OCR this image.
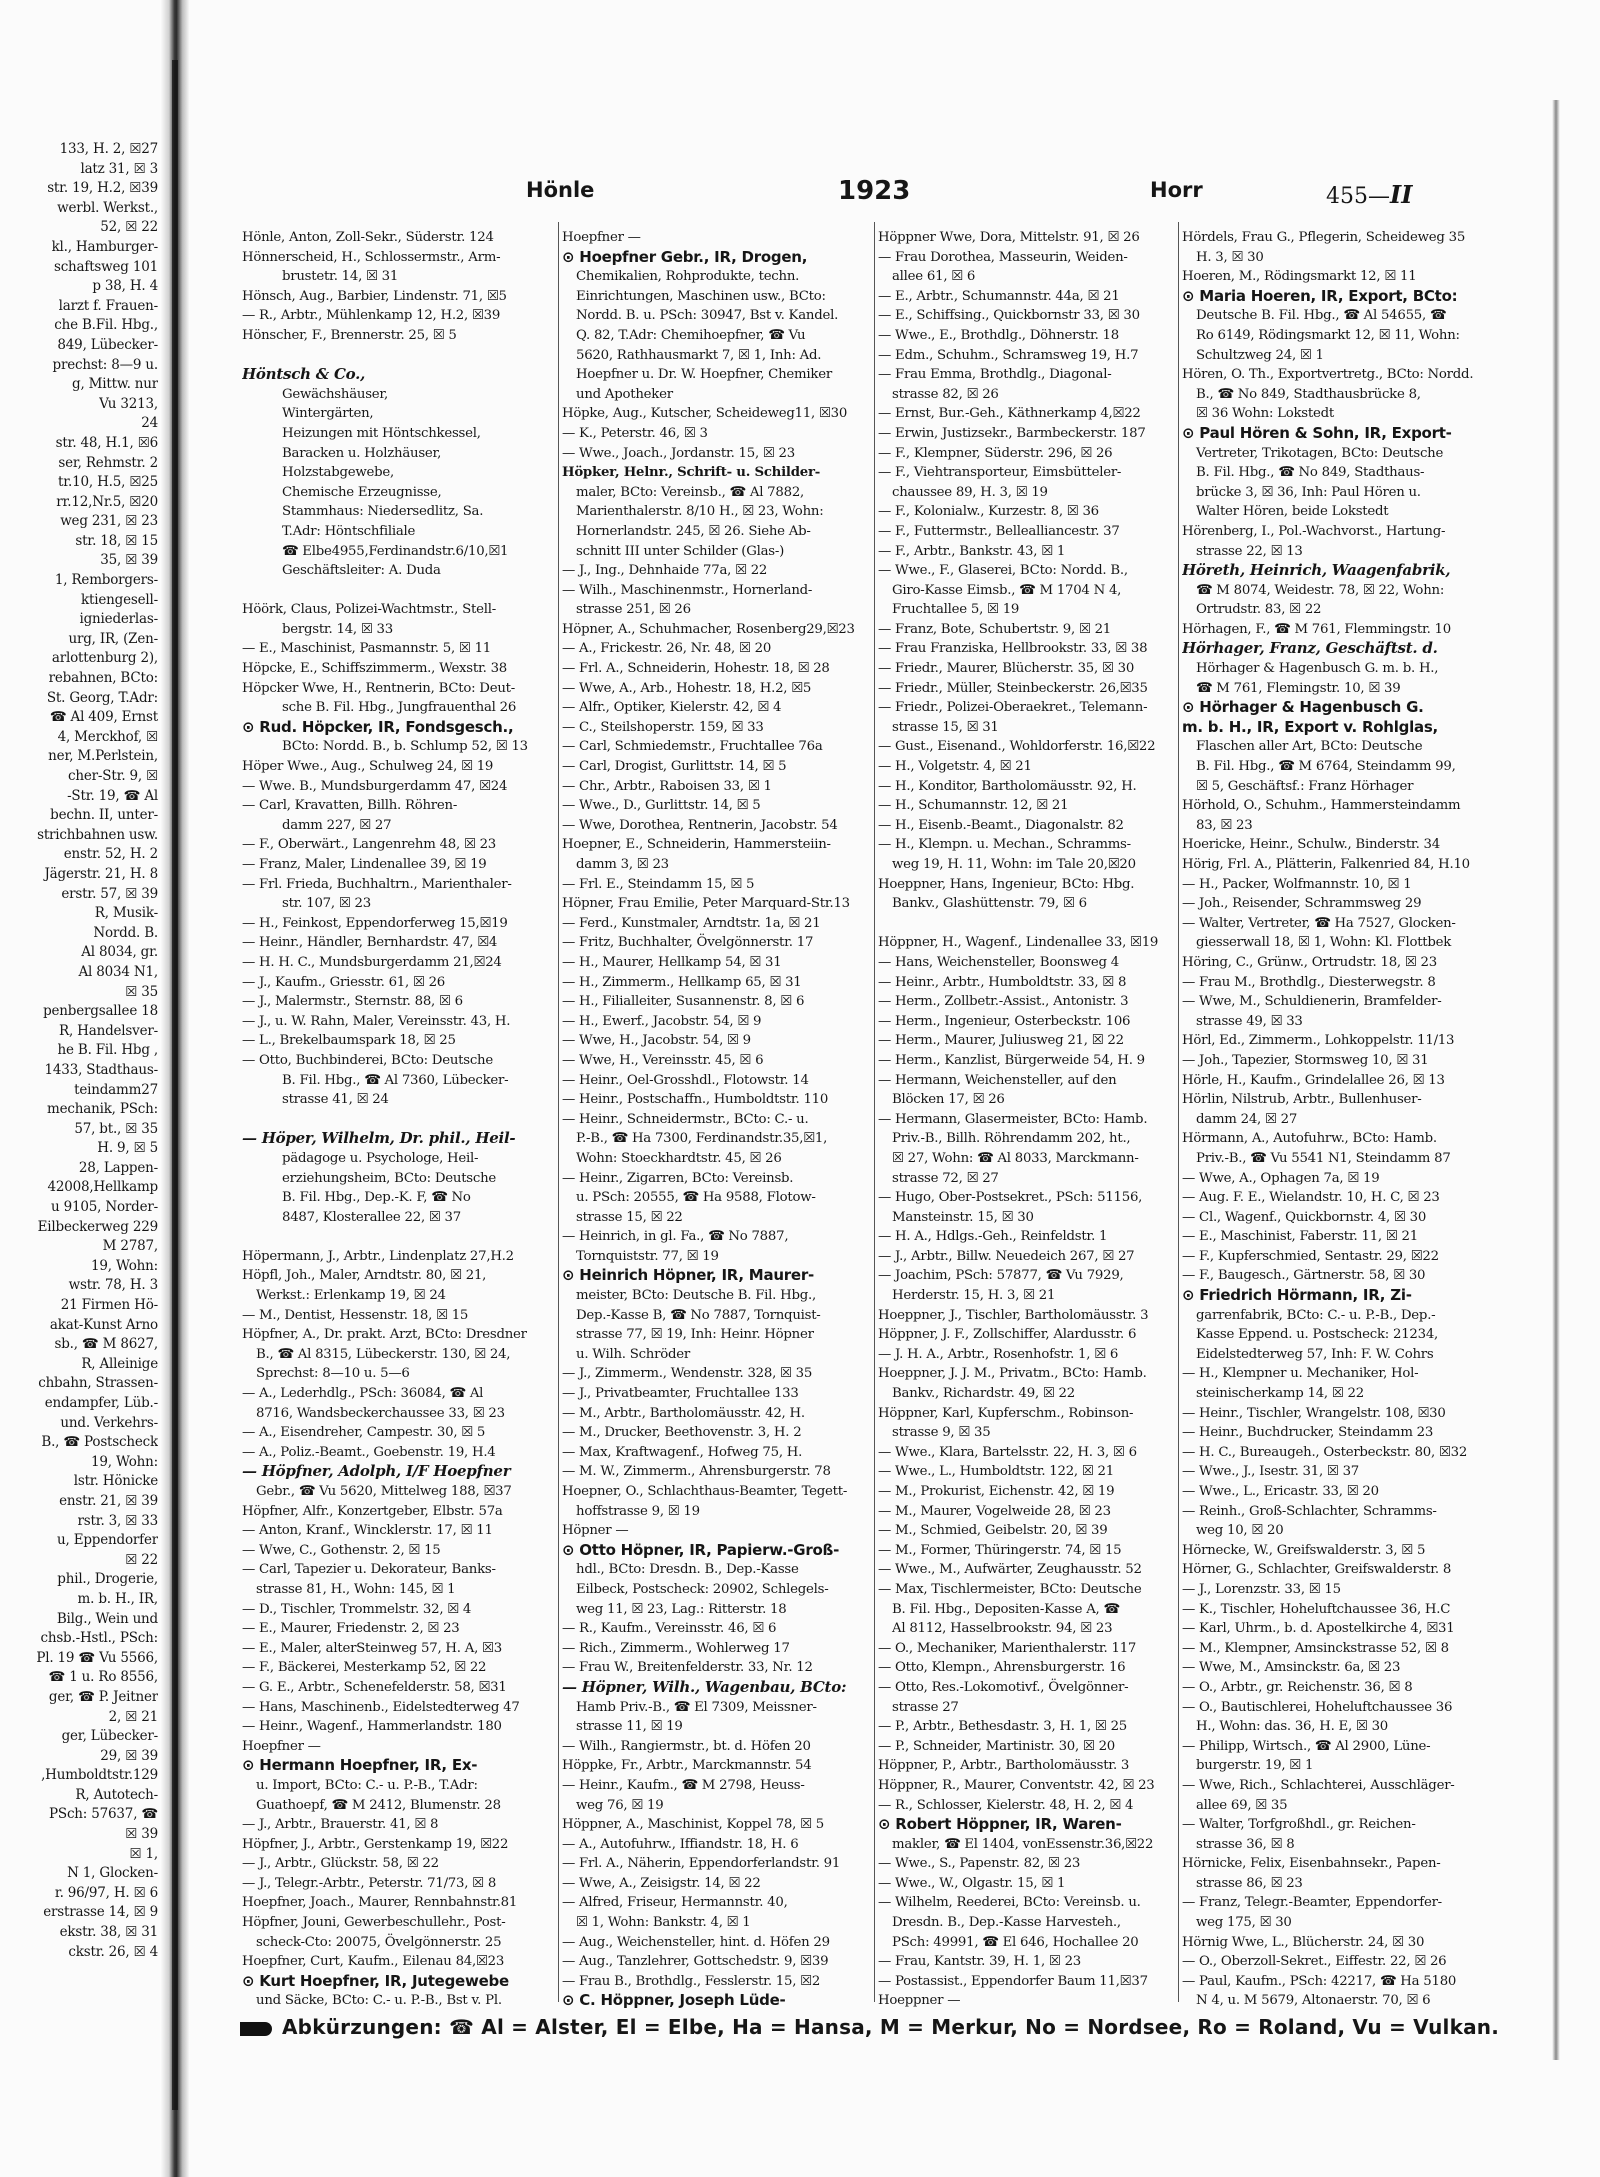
133, H. 2, ☒27
latz 31, ☒ 3
str. 19, H.2, ☒39
werbl. Werkst.,
52, ☒ 22
kl., Hamburger-
schaftsweg 101
p 38, H. 4
larzt f. Frauen-
che B.Fil. Hbg.,
849, Lübecker-
prechst: 8—9 u.
g, Mittw. nur
Vu 3213,
24
str. 48, H.1, ☒6
ser, Rehmstr. 2
tr.10, H.5, ☒25
rr.12,Nr.5, ☒20
weg 231, ☒ 23
str. 18, ☒ 15
35, ☒ 39
1, Remborgers-
ktiengesell-
igniederlas-
urg, IR, (Zen-
arlottenburg 2),
rebahnen, BCto:
St. Georg, T.Adr:
☎ Al 409, Ernst
4, Merckhof, ☒
ner, M.Perlstein,
cher-Str. 9, ☒
-Str. 19, ☎ Al
bechn. II, unter-
strichbahnen usw.
enstr. 52, H. 2
Jägerstr. 21, H. 8
erstr. 57, ☒ 39
R, Musik-
Nordd. B.
Al 8034, gr.
Al 8034 N1,
☒ 35
penbergsallee 18
R, Handelsver-
he B. Fil. Hbg ,
1433, Stadthaus-
teindamm27
mechanik, PSch:
57, bt., ☒ 35
H. 9, ☒ 5
28, Lappen-
42008,Hellkamp
u 9105, Norder-
Eilbeckerweg 229
M 2787,
19, Wohn:
wstr. 78, H. 3
21 Firmen Hö-
akat-Kunst Arno
sb., ☎ M 8627,
R, Alleinige
chbahn, Strassen-
endampfer, Lüb.-
und. Verkehrs-
B., ☎ Postscheck
19, Wohn:
lstr. Hönicke
enstr. 21, ☒ 39
rstr. 3, ☒ 33
u, Eppendorfer
☒ 22
phil., Drogerie,
m. b. H., IR,
Bilg., Wein und
chsb.-Hstl., PSch:
Pl. 19 ☎ Vu 5566,
☎ 1 u. Ro 8556,
ger, ☎ P. Jeitner
2, ☒ 21
ger, Lübecker-
29, ☒ 39
,Humboldtstr.129
R, Autotech-
PSch: 57637, ☎
☒ 39
☒ 1,
N 1, Glocken-
r. 96/97, H. ☒ 6
erstrasse 14, ☒ 9
ekstr. 38, ☒ 31
ckstr. 26, ☒ 4
Hönle	1923	Horr	455—II
Hönle, Anton, Zoll-Sekr., Süderstr. 124
Hönnerscheid, H., Schlossermstr., Arm-
brustetr. 14, ☒ 31
Hönsch, Aug., Barbier, Lindenstr. 71, ☒5
— R., Arbtr., Mühlenkamp 12, H.2, ☒39
Hönscher, F., Brennerstr. 25, ☒ 5

Höntsch & Co.,
Gewächshäuser,
Wintergärten,
Heizungen mit Höntschkessel,
Baracken u. Holzhäuser,
Holzstabgewebe,
Chemische Erzeugnisse,
Stammhaus: Niedersedlitz, Sa.
T.Adr: Höntschfiliale
☎ Elbe4955,Ferdinandstr.6/10,☒1
Geschäftsleiter: A. Duda

Höörk, Claus, Polizei-Wachtmstr., Stell-
bergstr. 14, ☒ 33
— E., Maschinist, Pasmannstr. 5, ☒ 11
Höpcke, E., Schiffszimmerm., Wexstr. 38
Höpcker Wwe, H., Rentnerin, BCto: Deut-
sche B. Fil. Hbg., Jungfrauenthal 26
⊙ Rud. Höpcker, IR, Fondsgesch.,
BCto: Nordd. B., b. Schlump 52, ☒ 13
Höper Wwe., Aug., Schulweg 24, ☒ 19
— Wwe. B., Mundsburgerdamm 47, ☒24
— Carl, Kravatten, Billh. Röhren-
damm 227, ☒ 27
— F., Oberwärt., Langenrehm 48, ☒ 23
— Franz, Maler, Lindenallee 39, ☒ 19
— Frl. Frieda, Buchhaltrn., Marienthaler-
str. 107, ☒ 23
— H., Feinkost, Eppendorferweg 15,☒19
— Heinr., Händler, Bernhardstr. 47, ☒4
— H. H. C., Mundsburgerdamm 21,☒24
— J., Kaufm., Griesstr. 61, ☒ 26
— J., Malermstr., Sternstr. 88, ☒ 6
— J., u. W. Rahn, Maler, Vereinsstr. 43, H.
— L., Brekelbaumspark 18, ☒ 25
— Otto, Buchbinderei, BCto: Deutsche
B. Fil. Hbg., ☎ Al 7360, Lübecker-
strasse 41, ☒ 24

— Höper, Wilhelm, Dr. phil., Heil-
pädagoge u. Psychologe, Heil-
erziehungsheim, BCto: Deutsche
B. Fil. Hbg., Dep.-K. F, ☎ No
8487, Klosterallee 22, ☒ 37

Höpermann, J., Arbtr., Lindenplatz 27,H.2
Höpfl, Joh., Maler, Arndtstr. 80, ☒ 21,
Werkst.: Erlenkamp 19, ☒ 24
— M., Dentist, Hessenstr. 18, ☒ 15
Höpfner, A., Dr. prakt. Arzt, BCto: Dresdner
B., ☎ Al 8315, Lübeckerstr. 130, ☒ 24,
Sprechst: 8—10 u. 5—6
— A., Lederhdlg., PSch: 36084, ☎ Al
8716, Wandsbeckerchaussee 33, ☒ 23
— A., Eisendreher, Campestr. 30, ☒ 5
— A., Poliz.-Beamt., Goebenstr. 19, H.4
— Höpfner, Adolph, I/F Hoepfner
Gebr., ☎ Vu 5620, Mittelweg 188, ☒37
Höpfner, Alfr., Konzertgeber, Elbstr. 57a
— Anton, Kranf., Wincklerstr. 17, ☒ 11
— Wwe, C., Gothenstr. 2, ☒ 15
— Carl, Tapezier u. Dekorateur, Banks-
strasse 81, H., Wohn: 145, ☒ 1
— D., Tischler, Trommelstr. 32, ☒ 4
— E., Maurer, Friedenstr. 2, ☒ 23
— E., Maler, alterSteinweg 57, H. A, ☒3
— F., Bäckerei, Mesterkamp 52, ☒ 22
— G. E., Arbtr., Schenefelderstr. 58, ☒31
— Hans, Maschinenb., Eidelstedterweg 47
— Heinr., Wagenf., Hammerlandstr. 180
Hoepfner —
⊙ Hermann Hoepfner, IR, Ex-
u. Import, BCto: C.- u. P.-B., T.Adr:
Guathoepf, ☎ M 2412, Blumenstr. 28
— J., Arbtr., Brauerstr. 41, ☒ 8
Höpfner, J., Arbtr., Gerstenkamp 19, ☒22
— J., Arbtr., Glückstr. 58, ☒ 22
— J., Telegr.-Arbtr., Peterstr. 71/73, ☒ 8
Hoepfner, Joach., Maurer, Rennbahnstr.81
Höpfner, Jouni, Gewerbeschullehr., Post-
scheck-Cto: 20075, Övelgönnerstr. 25
Hoepfner, Curt, Kaufm., Eilenau 84,☒23
⊙ Kurt Hoepfner, IR, Jutegewebe
und Säcke, BCto: C.- u. P.-B., Bst v. Pl.
Hoepfner —
⊙ Hoepfner Gebr., IR, Drogen,
Chemikalien, Rohprodukte, techn.
Einrichtungen, Maschinen usw., BCto:
Nordd. B. u. PSch: 30947, Bst v. Kandel.
Q. 82, T.Adr: Chemihoepfner, ☎ Vu
5620, Rathhausmarkt 7, ☒ 1, Inh: Ad.
Hoepfner u. Dr. W. Hoepfner, Chemiker
und Apotheker
Höpke, Aug., Kutscher, Scheideweg11, ☒30
— K., Peterstr. 46, ☒ 3
— Wwe., Joach., Jordanstr. 15, ☒ 23
Höpker, Helnr., Schrift- u. Schilder-
maler, BCto: Vereinsb., ☎ Al 7882,
Marienthalerstr. 8/10 H., ☒ 23, Wohn:
Hornerlandstr. 245, ☒ 26. Siehe Ab-
schnitt III unter Schilder (Glas-)
— J., Ing., Dehnhaide 77a, ☒ 22
— Wilh., Maschinenmstr., Hornerland-
strasse 251, ☒ 26
Höpner, A., Schuhmacher, Rosenberg29,☒23
— A., Frickestr. 26, Nr. 48, ☒ 20
— Frl. A., Schneiderin, Hohestr. 18, ☒ 28
— Wwe, A., Arb., Hohestr. 18, H.2, ☒5
— Alfr., Optiker, Kielerstr. 42, ☒ 4
— C., Steilshoperstr. 159, ☒ 33
— Carl, Schmiedemstr., Fruchtallee 76a
— Carl, Drogist, Gurlittstr. 14, ☒ 5
— Chr., Arbtr., Raboisen 33, ☒ 1
— Wwe., D., Gurlittstr. 14, ☒ 5
— Wwe, Dorothea, Rentnerin, Jacobstr. 54
Hoepner, E., Schneiderin, Hammersteiin-
damm 3, ☒ 23
— Frl. E., Steindamm 15, ☒ 5
Höpner, Frau Emilie, Peter Marquard-Str.13
— Ferd., Kunstmaler, Arndtstr. 1a, ☒ 21
— Fritz, Buchhalter, Övelgönnerstr. 17
— H., Maurer, Hellkamp 54, ☒ 31
— H., Zimmerm., Hellkamp 65, ☒ 31
— H., Filialleiter, Susannenstr. 8, ☒ 6
— H., Ewerf., Jacobstr. 54, ☒ 9
— Wwe, H., Jacobstr. 54, ☒ 9
— Wwe, H., Vereinsstr. 45, ☒ 6
— Heinr., Oel-Grosshdl., Flotowstr. 14
— Heinr., Postschaffn., Humboldtstr. 110
— Heinr., Schneidermstr., BCto: C.- u.
P.-B., ☎ Ha 7300, Ferdinandstr.35,☒1,
Wohn: Stoeckhardtstr. 45, ☒ 26
— Heinr., Zigarren, BCto: Vereinsb.
u. PSch: 20555, ☎ Ha 9588, Flotow-
strasse 15, ☒ 22
— Heinrich, in gl. Fa., ☎ No 7887,
Tornquiststr. 77, ☒ 19
⊙ Heinrich Höpner, IR, Maurer-
meister, BCto: Deutsche B. Fil. Hbg.,
Dep.-Kasse B, ☎ No 7887, Tornquist-
strasse 77, ☒ 19, Inh: Heinr. Höpner
u. Wilh. Schröder
— J., Zimmerm., Wendenstr. 328, ☒ 35
— J., Privatbeamter, Fruchtallee 133
— M., Arbtr., Bartholomäusstr. 42, H.
— M., Drucker, Beethovenstr. 3, H. 2
— Max, Kraftwagenf., Hofweg 75, H.
— M. W., Zimmerm., Ahrensburgerstr. 78
Hoepner, O., Schlachthaus-Beamter, Tegett-
hoffstrasse 9, ☒ 19
Höpner —
⊙ Otto Höpner, IR, Papierw.-Groß-
hdl., BCto: Dresdn. B., Dep.-Kasse
Eilbeck, Postscheck: 20902, Schlegels-
weg 11, ☒ 23, Lag.: Ritterstr. 18
— R., Kaufm., Vereinsstr. 46, ☒ 6
— Rich., Zimmerm., Wohlerweg 17
— Frau W., Breitenfelderstr. 33, Nr. 12
— Höpner, Wilh., Wagenbau, BCto:
Hamb Priv.-B., ☎ El 7309, Meissner-
strasse 11, ☒ 19
— Wilh., Rangiermstr., bt. d. Höfen 20
Höppke, Fr., Arbtr., Marckmannstr. 54
— Heinr., Kaufm., ☎ M 2798, Heuss-
weg 76, ☒ 19
Höppner, A., Maschinist, Koppel 78, ☒ 5
— A., Autofuhrw., Iffiandstr. 18, H. 6
— Frl. A., Näherin, Eppendorferlandstr. 91
— Wwe, A., Zeisigstr. 14, ☒ 22
— Alfred, Friseur, Hermannstr. 40,
☒ 1, Wohn: Bankstr. 4, ☒ 1
— Aug., Weichensteller, hint. d. Höfen 29
— Aug., Tanzlehrer, Gottschedstr. 9, ☒39
— Frau B., Brothdlg., Fesslerstr. 15, ☒2
⊙ C. Höppner, Joseph Lüde-
Höppner Wwe, Dora, Mittelstr. 91, ☒ 26
— Frau Dorothea, Masseurin, Weiden-
allee 61, ☒ 6
— E., Arbtr., Schumannstr. 44a, ☒ 21
— E., Schiffsing., Quickbornstr 33, ☒ 30
— Wwe., E., Brothdlg., Döhnerstr. 18
— Edm., Schuhm., Schramsweg 19, H.7
— Frau Emma, Brothdlg., Diagonal-
strasse 82, ☒ 26
— Ernst, Bur.-Geh., Käthnerkamp 4,☒22
— Erwin, Justizsekr., Barmbeckerstr. 187
— F., Klempner, Süderstr. 296, ☒ 26
— F., Viehtransporteur, Eimsbütteler-
chaussee 89, H. 3, ☒ 19
— F., Kolonialw., Kurzestr. 8, ☒ 36
— F., Futtermstr., Bellealliancestr. 37
— F., Arbtr., Bankstr. 43, ☒ 1
— Wwe., F., Glaserei, BCto: Nordd. B.,
Giro-Kasse Eimsb., ☎ M 1704 N 4,
Fruchtallee 5, ☒ 19
— Franz, Bote, Schubertstr. 9, ☒ 21
— Frau Franziska, Hellbrookstr. 33, ☒ 38
— Friedr., Maurer, Blücherstr. 35, ☒ 30
— Friedr., Müller, Steinbeckerstr. 26,☒35
— Friedr., Polizei-Oberaekret., Telemann-
strasse 15, ☒ 31
— Gust., Eisenand., Wohldorferstr. 16,☒22
— H., Volgetstr. 4, ☒ 21
— H., Konditor, Bartholomäusstr. 92, H.
— H., Schumannstr. 12, ☒ 21
— H., Eisenb.-Beamt., Diagonalstr. 82
— H., Klempn. u. Mechan., Schramms-
weg 19, H. 11, Wohn: im Tale 20,☒20
Hoeppner, Hans, Ingenieur, BCto: Hbg.
Bankv., Glashüttenstr. 79, ☒ 6

Höppner, H., Wagenf., Lindenallee 33, ☒19
— Hans, Weichensteller, Boonsweg 4
— Heinr., Arbtr., Humboldtstr. 33, ☒ 8
— Herm., Zollbetr.-Assist., Antonistr. 3
— Herm., Ingenieur, Osterbeckstr. 106
— Herm., Maurer, Juliusweg 21, ☒ 22
— Herm., Kanzlist, Bürgerweide 54, H. 9
— Hermann, Weichensteller, auf den
Blöcken 17, ☒ 26
— Hermann, Glasermeister, BCto: Hamb.
Priv.-B., Billh. Röhrendamm 202, ht.,
☒ 27, Wohn: ☎ Al 8033, Marckmann-
strasse 72, ☒ 27
— Hugo, Ober-Postsekret., PSch: 51156,
Mansteinstr. 15, ☒ 30
— H. A., Hdlgs.-Geh., Reinfeldstr. 1
— J., Arbtr., Billw. Neuedeich 267, ☒ 27
— Joachim, PSch: 57877, ☎ Vu 7929,
Herderstr. 15, H. 3, ☒ 21
Hoeppner, J., Tischler, Bartholomäusstr. 3
Höppner, J. F., Zollschiffer, Alardusstr. 6
— J. H. A., Arbtr., Rosenhofstr. 1, ☒ 6
Hoeppner, J. J. M., Privatm., BCto: Hamb.
Bankv., Richardstr. 49, ☒ 22
Höppner, Karl, Kupferschm., Robinson-
strasse 9, ☒ 35
— Wwe., Klara, Bartelsstr. 22, H. 3, ☒ 6
— Wwe., L., Humboldtstr. 122, ☒ 21
— M., Prokurist, Eichenstr. 42, ☒ 19
— M., Maurer, Vogelweide 28, ☒ 23
— M., Schmied, Geibelstr. 20, ☒ 39
— M., Former, Thüringerstr. 74, ☒ 15
— Wwe., M., Aufwärter, Zeughausstr. 52
— Max, Tischlermeister, BCto: Deutsche
B. Fil. Hbg., Depositen-Kasse A, ☎
Al 8112, Hasselbrookstr. 94, ☒ 23
— O., Mechaniker, Marienthalerstr. 117
— Otto, Klempn., Ahrensburgerstr. 16
— Otto, Res.-Lokomotivf., Övelgönner-
strasse 27
— P., Arbtr., Bethesdastr. 3, H. 1, ☒ 25
— P., Schneider, Martinistr. 30, ☒ 20
Höppner, P., Arbtr., Bartholomäusstr. 3
Höppner, R., Maurer, Conventstr. 42, ☒ 23
— R., Schlosser, Kielerstr. 48, H. 2, ☒ 4
⊙ Robert Höppner, IR, Waren-
makler, ☎ El 1404, vonEssenstr.36,☒22
— Wwe., S., Papenstr. 82, ☒ 23
— Wwe., W., Olgastr. 15, ☒ 1
— Wilhelm, Reederei, BCto: Vereinsb. u.
Dresdn. B., Dep.-Kasse Harvesteh.,
PSch: 49991, ☎ El 646, Hochallee 20
— Frau, Kantstr. 39, H. 1, ☒ 23
— Postassist., Eppendorfer Baum 11,☒37
Hoeppner —
Hördels, Frau G., Pflegerin, Scheideweg 35
H. 3, ☒ 30
Hoeren, M., Rödingsmarkt 12, ☒ 11
⊙ Maria Hoeren, IR, Export, BCto:
Deutsche B. Fil. Hbg., ☎ Al 54655, ☎
Ro 6149, Rödingsmarkt 12, ☒ 11, Wohn:
Schultzweg 24, ☒ 1
Hören, O. Th., Exportvertretg., BCto: Nordd.
B., ☎ No 849, Stadthausbrücke 8,
☒ 36 Wohn: Lokstedt
⊙ Paul Hören & Sohn, IR, Export-
Vertreter, Trikotagen, BCto: Deutsche
B. Fil. Hbg., ☎ No 849, Stadthaus-
brücke 3, ☒ 36, Inh: Paul Hören u.
Walter Hören, beide Lokstedt
Hörenberg, I., Pol.-Wachvorst., Hartung-
strasse 22, ☒ 13
Höreth, Heinrich, Waagenfabrik,
☎ M 8074, Weidestr. 78, ☒ 22, Wohn:
Ortrudstr. 83, ☒ 22
Hörhagen, F., ☎ M 761, Flemmingstr. 10
Hörhager, Franz, Geschäftst. d.
Hörhager & Hagenbusch G. m. b. H.,
☎ M 761, Flemingstr. 10, ☒ 39
⊙ Hörhager & Hagenbusch G.
m. b. H., IR, Export v. Rohlglas,
Flaschen aller Art, BCto: Deutsche
B. Fil. Hbg., ☎ M 6764, Steindamm 99,
☒ 5, Geschäftsf.: Franz Hörhager
Hörhold, O., Schuhm., Hammersteindamm
83, ☒ 23
Hoericke, Heinr., Schulw., Binderstr. 34
Hörig, Frl. A., Plätterin, Falkenried 84, H.10
— H., Packer, Wolfmannstr. 10, ☒ 1
— Joh., Reisender, Schrammsweg 29
— Walter, Vertreter, ☎ Ha 7527, Glocken-
giesserwall 18, ☒ 1, Wohn: Kl. Flottbek
Höring, C., Grünw., Ortrudstr. 18, ☒ 23
— Frau M., Brothdlg., Diesterwegstr. 8
— Wwe, M., Schuldienerin, Bramfelder-
strasse 49, ☒ 33
Hörl, Ed., Zimmerm., Lohkoppelstr. 11/13
— Joh., Tapezier, Stormsweg 10, ☒ 31
Hörle, H., Kaufm., Grindelallee 26, ☒ 13
Hörlin, Nilstrub, Arbtr., Bullenhuser-
damm 24, ☒ 27
Hörmann, A., Autofuhrw., BCto: Hamb.
Priv.-B., ☎ Vu 5541 N1, Steindamm 87
— Wwe, A., Ophagen 7a, ☒ 19
— Aug. F. E., Wielandstr. 10, H. C, ☒ 23
— Cl., Wagenf., Quickbornstr. 4, ☒ 30
— E., Maschinist, Faberstr. 11, ☒ 21
— F., Kupferschmied, Sentastr. 29, ☒22
— F., Baugesch., Gärtnerstr. 58, ☒ 30
⊙ Friedrich Hörmann, IR, Zi-
garrenfabrik, BCto: C.- u. P.-B., Dep.-
Kasse Eppend. u. Postscheck: 21234,
Eidelstedterweg 57, Inh: F. W. Cohrs
— H., Klempner u. Mechaniker, Hol-
steinischerkamp 14, ☒ 22
— Heinr., Tischler, Wrangelstr. 108, ☒30
— Heinr., Buchdrucker, Steindamm 23
— H. C., Bureaugeh., Osterbeckstr. 80, ☒32
— Wwe., J., Isestr. 31, ☒ 37
— Wwe., L., Ericastr. 33, ☒ 20
— Reinh., Groß-Schlachter, Schramms-
weg 10, ☒ 20
Hörnecke, W., Greifswalderstr. 3, ☒ 5
Hörner, G., Schlachter, Greifswalderstr. 8
— J., Lorenzstr. 33, ☒ 15
— K., Tischler, Hoheluftchaussee 36, H.C
— Karl, Uhrm., b. d. Apostelkirche 4, ☒31
— M., Klempner, Amsinckstrasse 52, ☒ 8
— Wwe, M., Amsinckstr. 6a, ☒ 23
— O., Arbtr., gr. Reichenstr. 36, ☒ 8
— O., Bautischlerei, Hoheluftchaussee 36
H., Wohn: das. 36, H. E, ☒ 30
— Philipp, Wirtsch., ☎ Al 2900, Lüne-
burgerstr. 19, ☒ 1
— Wwe, Rich., Schlachterei, Ausschläger-
allee 69, ☒ 35
— Walter, Torfgroßhdl., gr. Reichen-
strasse 36, ☒ 8
Hörnicke, Felix, Eisenbahnsekr., Papen-
strasse 86, ☒ 23
— Franz, Telegr.-Beamter, Eppendorfer-
weg 175, ☒ 30
Hörnig Wwe, L., Blücherstr. 24, ☒ 30
— O., Oberzoll-Sekret., Eiffestr. 22, ☒ 26
— Paul, Kaufm., PSch: 42217, ☎ Ha 5180
N 4, u. M 5679, Altonaerstr. 70, ☒ 6
Abkürzungen: ☎ Al = Alster, El = Elbe, Ha = Hansa, M = Merkur, No = Nordsee, Ro = Roland, Vu = Vulkan.
